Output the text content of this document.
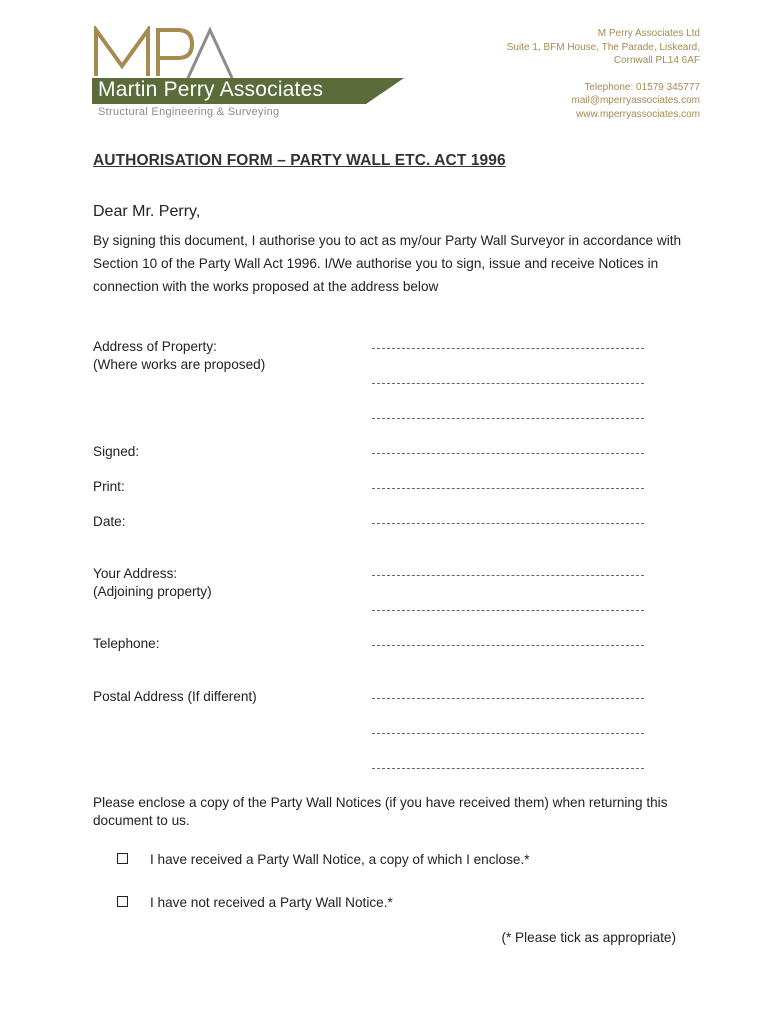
Martin Perry Associates
Structural Engineering & Surveying
M Perry Associates Ltd
Suite 1, BFM House, The Parade, Liskeard,
Cornwall PL14 6AF
Telephone: 01579 345777
mail@mperryassociates.com
www.mperryassociates.com
AUTHORISATION FORM – PARTY WALL ETC. ACT 1996
Dear Mr. Perry,
By signing this document, I authorise you to act as my/our Party Wall Surveyor in accordance with Section 10 of the Party Wall Act 1996. I/We authorise you to sign, issue and receive Notices in connection with the works proposed at the address below
Address of Property:
(Where works are proposed)
Signed:
Print:
Date:
Your Address:
(Adjoining property)
Telephone:
Postal Address (If different)
Please enclose a copy of the Party Wall Notices (if you have received them) when returning this document to us.
I have received a Party Wall Notice, a copy of which I enclose.*
I have not received a Party Wall Notice.*
(* Please tick as appropriate)
